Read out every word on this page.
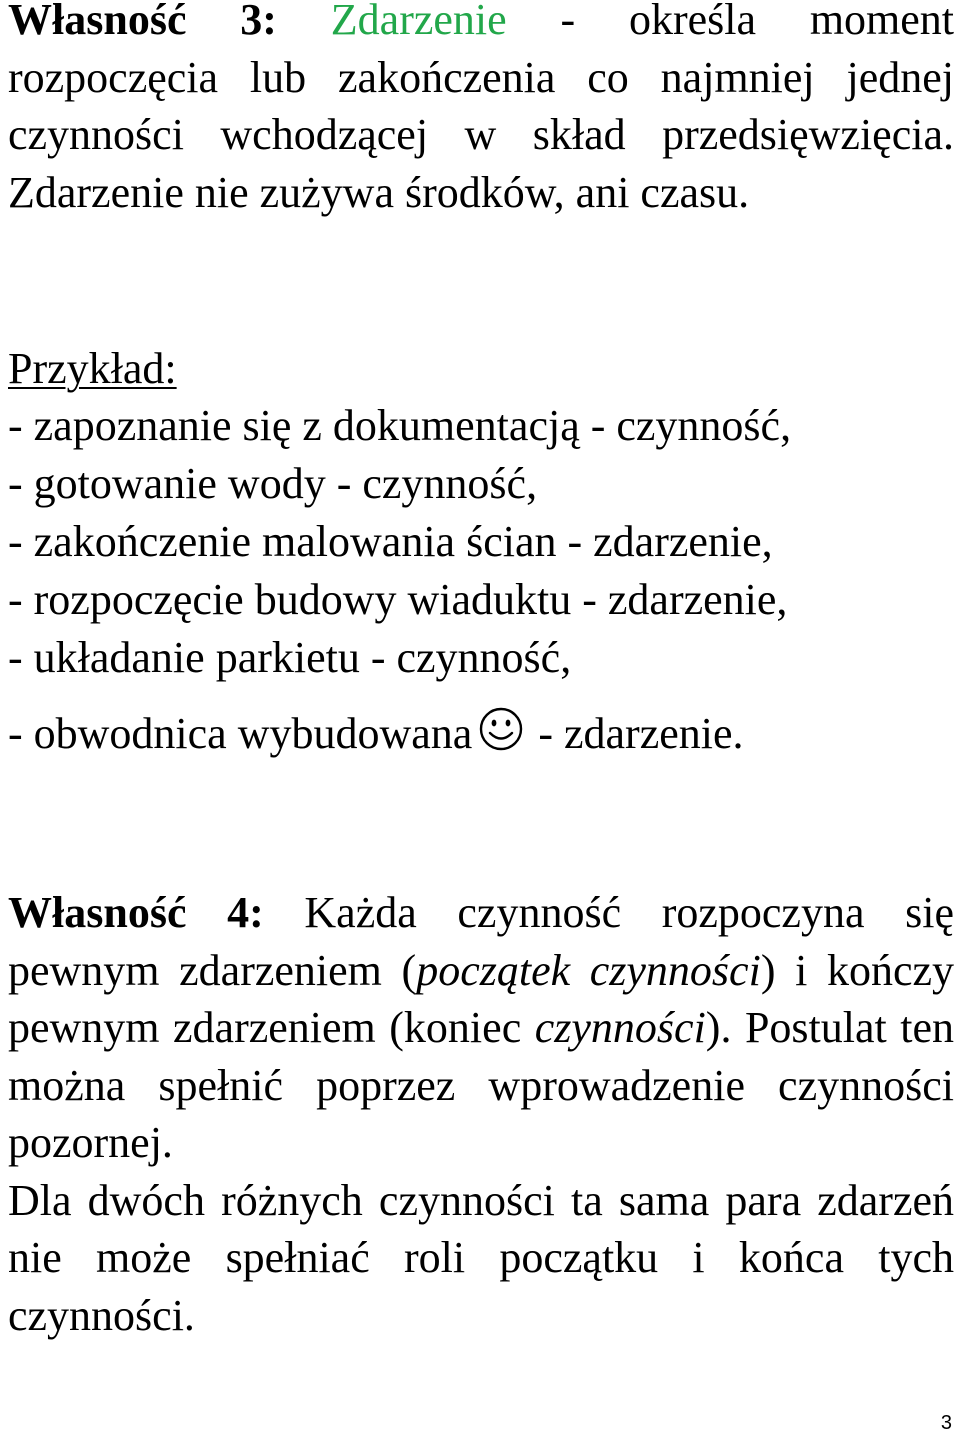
Własność 3: Zdarzenie - określa moment rozpoczęcia lub zakończenia co najmniej jednej czynności wchodzącej w skład przedsięwzięcia. Zdarzenie nie zużywa środków, ani czasu.

Przykład:
- zapoznanie się z dokumentacją - czynność,
- gotowanie wody - czynność,
- zakończenie malowania ścian - zdarzenie,
- rozpoczęcie budowy wiaduktu - zdarzenie,
- układanie parkietu - czynność,
- obwodnica wybudowana - zdarzenie.

Własność 4: Każda czynność rozpoczyna się pewnym zdarzeniem (początek czynności) i kończy pewnym zdarzeniem (koniec czynności). Postulat ten można spełnić poprzez wprowadzenie czynności pozornej.
Dla dwóch różnych czynności ta sama para zdarzeń nie może spełniać roli początku i końca tych czynności.

3
